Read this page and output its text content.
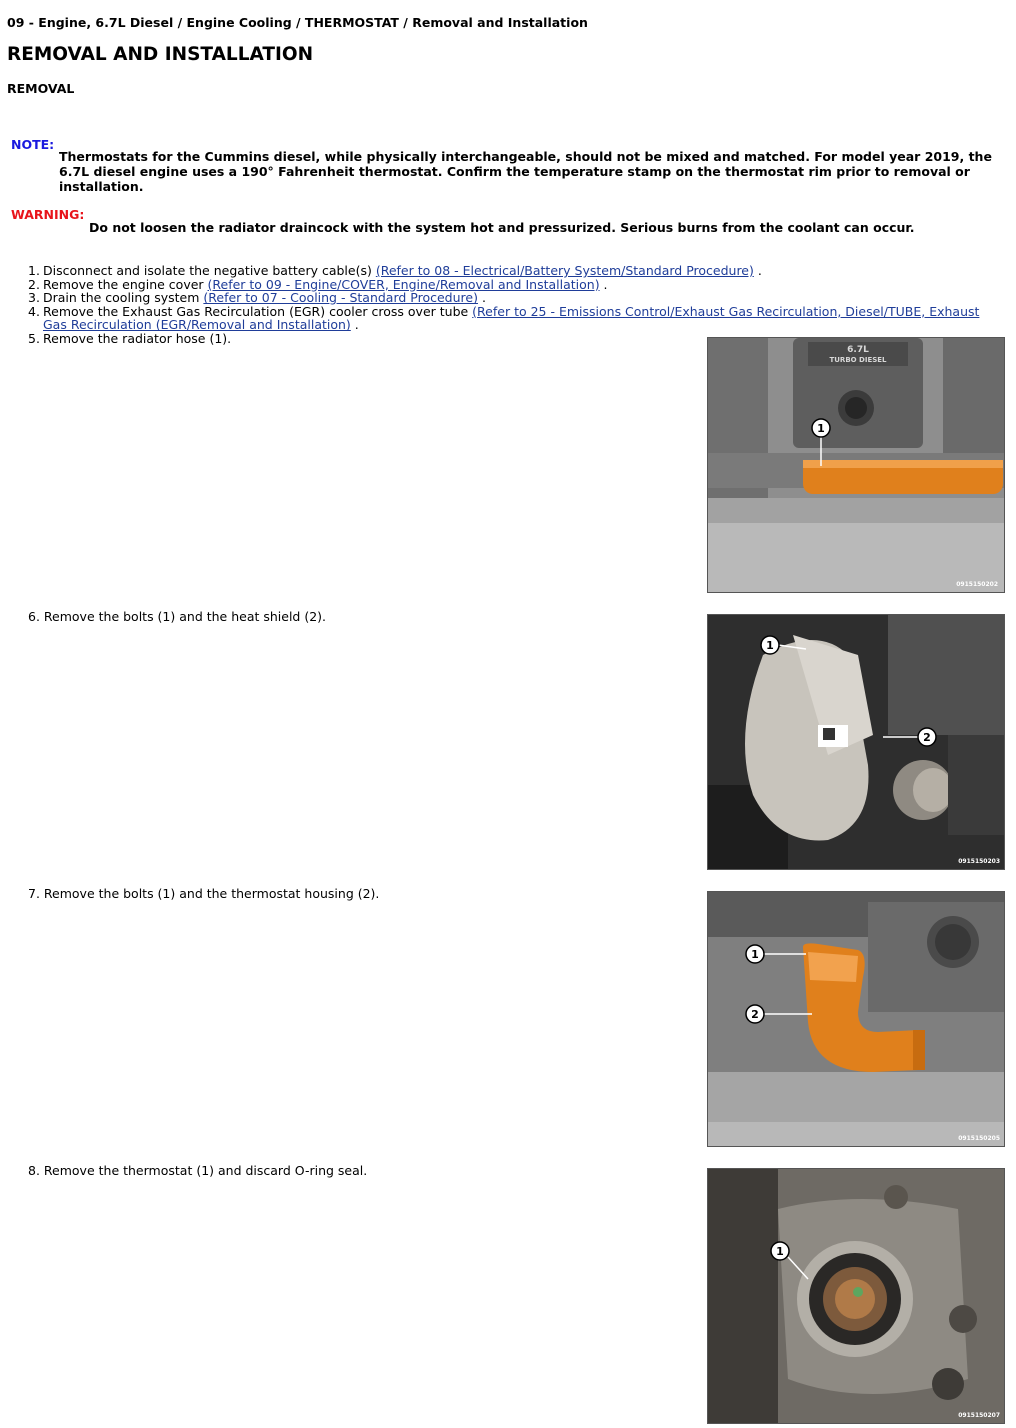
09 - Engine, 6.7L Diesel / Engine Cooling / THERMOSTAT / Removal and Installation
REMOVAL AND INSTALLATION
REMOVAL
NOTE:
Thermostats for the Cummins diesel, while physically interchangeable, should not be mixed and matched. For model year 2019, the 6.7L diesel engine uses a 190° Fahrenheit thermostat. Confirm the temperature stamp on the thermostat rim prior to removal or installation.
WARNING:
Do not loosen the radiator draincock with the system hot and pressurized. Serious burns from the coolant can occur.
1. Disconnect and isolate the negative battery cable(s) (Refer to 08 - Electrical/Battery System/Standard Procedure) .
2. Remove the engine cover (Refer to 09 - Engine/COVER, Engine/Removal and Installation) .
3. Drain the cooling system (Refer to 07 - Cooling - Standard Procedure) .
4. Remove the Exhaust Gas Recirculation (EGR) cooler cross over tube (Refer to 25 - Emissions Control/Exhaust Gas Recirculation, Diesel/TUBE, Exhaust Gas Recirculation (EGR/Removal and Installation) .
5. Remove the radiator hose (1).
6. Remove the bolts (1) and the heat shield (2).
7. Remove the bolts (1) and the thermostat housing (2).
8. Remove the thermostat (1) and discard O-ring seal.
6.7L
TURBO DIESEL
1
0915150202
1
2
0915150203
1
2
0915150205
1
0915150207
